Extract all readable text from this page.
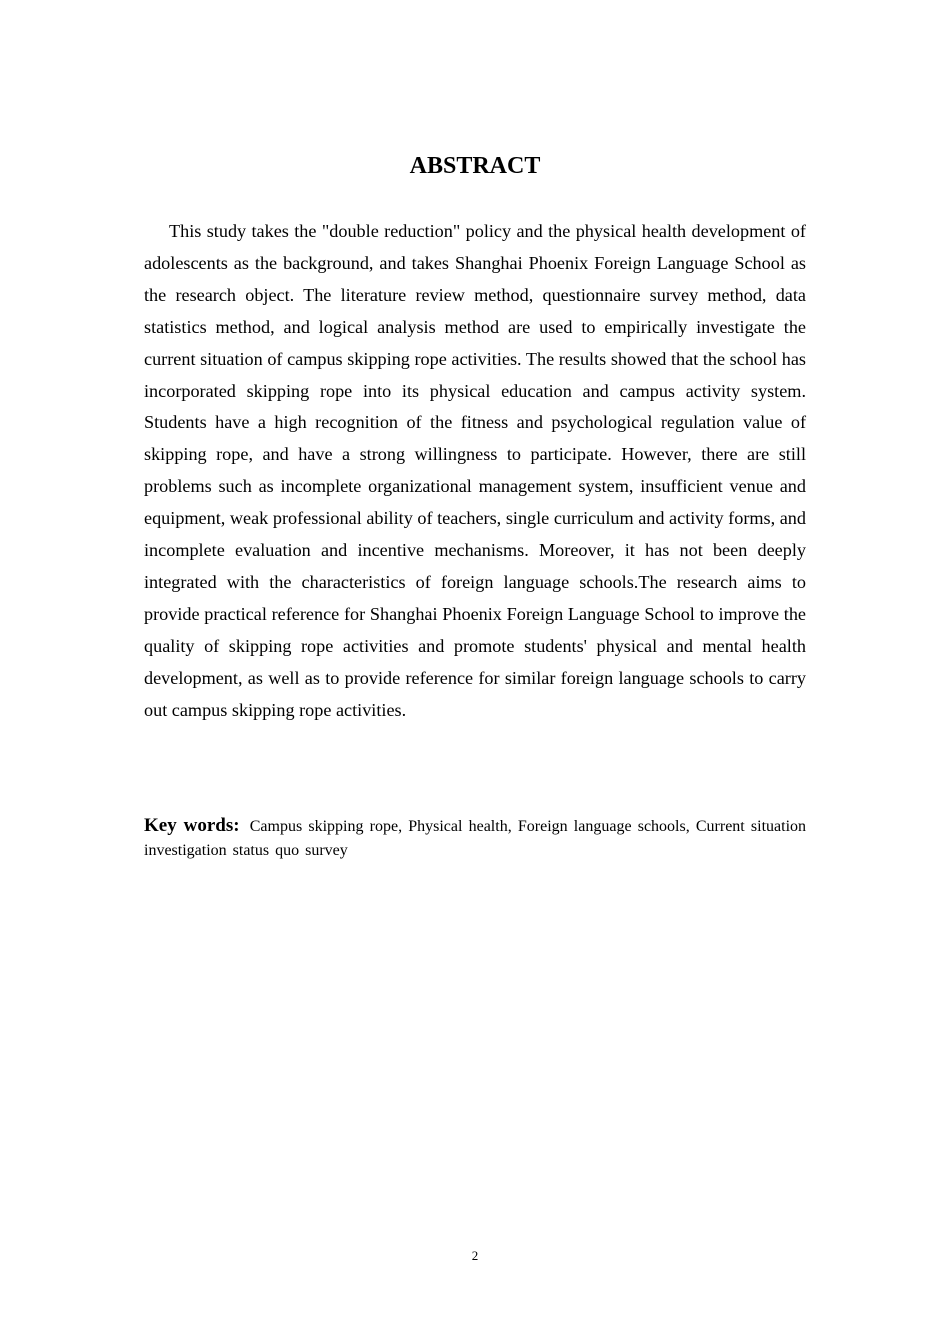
ABSTRACT

This study takes the "double reduction" policy and the physical health development of adolescents as the background, and takes Shanghai Phoenix Foreign Language School as the research object. The literature review method, questionnaire survey method, data statistics method, and logical analysis method are used to empirically investigate the current situation of campus skipping rope activities. The results showed that the school has incorporated skipping rope into its physical education and campus activity system. Students have a high recognition of the fitness and psychological regulation value of skipping rope, and have a strong willingness to participate. However, there are still problems such as incomplete organizational management system, insufficient venue and equipment, weak professional ability of teachers, single curriculum and activity forms, and incomplete evaluation and incentive mechanisms. Moreover, it has not been deeply integrated with the characteristics of foreign language schools.The research aims to provide practical reference for Shanghai Phoenix Foreign Language School to improve the quality of skipping rope activities and promote students' physical and mental health development, as well as to provide reference for similar foreign language schools to carry out campus skipping rope activities.

Key words: Campus skipping rope, Physical health, Foreign language schools, Current situation investigation status quo survey

2
